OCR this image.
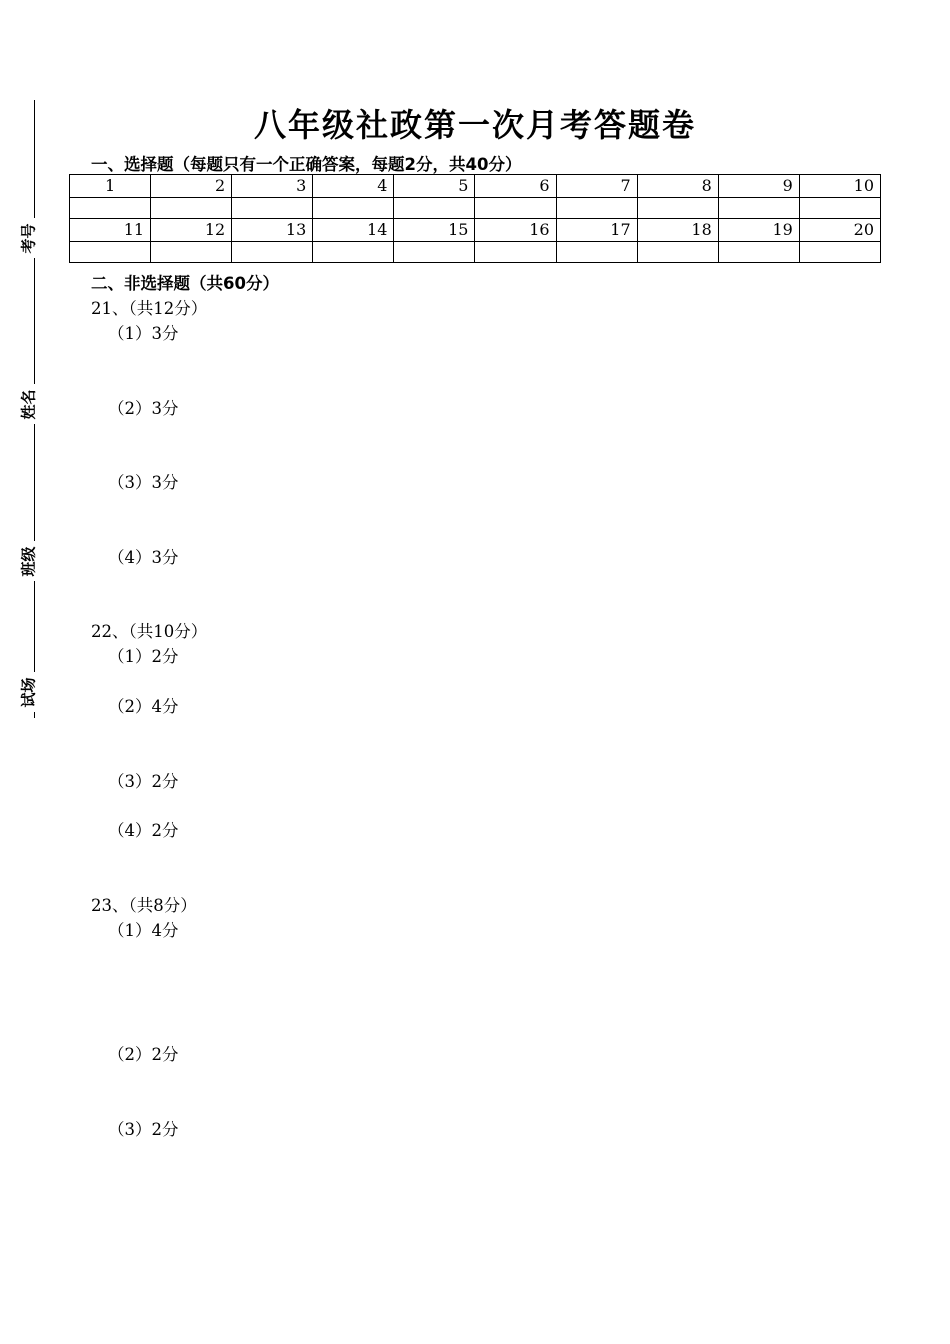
考号
姓名
班级
试场
八年级社政第一次月考答题卷
一、选择题（每题只有一个正确答案，每题2分，共40分）
1	2	3	4	5	6	7	8	9	10

11	12	13	14	15	16	17	18	19	20

二、非选择题（共60分）
21、（共12分）
（1）3分
（2）3分
（3）3分
（4）3分
22、（共10分）
（1）2分
（2）4分
（3）2分
（4）2分
23、（共8分）
（1）4分
（2）2分
（3）2分
